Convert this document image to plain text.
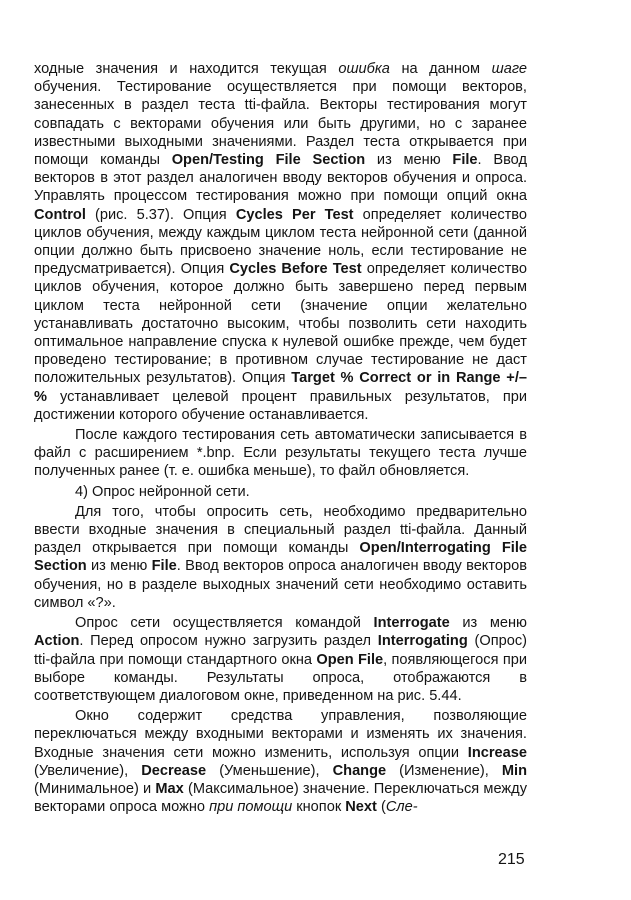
ходные значения и находится текущая ошибка на данном шаге обучения. Тестирование осуществляется при помощи векторов, занесенных в раздел теста tti-файла. Векторы тестирования могут совпадать с векторами обучения или быть другими, но с заранее известными выходными значениями. Раздел теста открывается при помощи команды Open/Testing File Section из меню File. Ввод векторов в этот раздел аналогичен вводу векторов обучения и опроса. Управлять процессом тестирования можно при помощи опций окна Control (рис. 5.37). Опция Cycles Per Test определяет количество циклов обучения, между каждым циклом теста нейронной сети (данной опции должно быть присвоено значение ноль, если тестирование не предусматривается). Опция Cycles Before Test определяет количество циклов обучения, которое должно быть завершено перед первым циклом теста нейронной сети (значение опции желательно устанавливать достаточно высоким, чтобы позволить сети находить оптимальное направление спуска к нулевой ошибке прежде, чем будет проведено тестирование; в противном случае тестирование не даст положительных результатов). Опция Target % Correct or in Range +/– % устанавливает целевой процент правильных результатов, при достижении которого обучение останавливается.

После каждого тестирования сеть автоматически записывается в файл с расширением *.bnp. Если результаты текущего теста лучше полученных ранее (т. е. ошибка меньше), то файл обновляется.

4) Опрос нейронной сети.

Для того, чтобы опросить сеть, необходимо предварительно ввести входные значения в специальный раздел tti-файла. Данный раздел открывается при помощи команды Open/Interrogating File Section из меню File. Ввод векторов опроса аналогичен вводу векторов обучения, но в разделе выходных значений сети необходимо оставить символ «?».

Опрос сети осуществляется командой Interrogate из меню Action. Перед опросом нужно загрузить раздел Interrogating (Опрос) tti-файла при помощи стандартного окна Open File, появляющегося при выборе команды. Результаты опроса, отображаются в соответствующем диалоговом окне, приведенном на рис. 5.44.

Окно содержит средства управления, позволяющие переключаться между входными векторами и изменять их значения. Входные значения сети можно изменить, используя опции Increase (Увеличение), Decrease (Уменьшение), Change (Изменение), Min (Минимальное) и Max (Максимальное) значение. Переключаться между векторами опроса можно при помощи кнопок Next (Сле-

215
